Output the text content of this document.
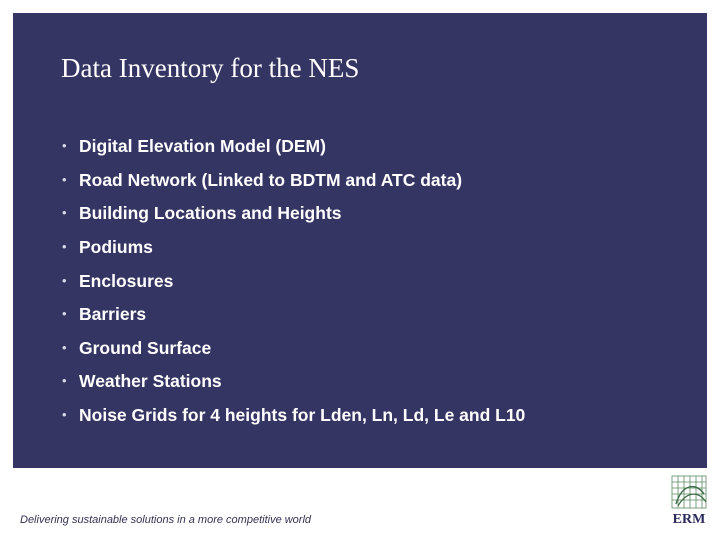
Data Inventory for the NES
• Digital Elevation Model (DEM)
• Road Network (Linked to BDTM and ATC data)
• Building Locations and Heights
• Podiums
• Enclosures
• Barriers
• Ground Surface
• Weather Stations
• Noise Grids for 4 heights for Lden, Ln, Ld, Le and L10
Delivering sustainable solutions in a more competitive world	ERM
